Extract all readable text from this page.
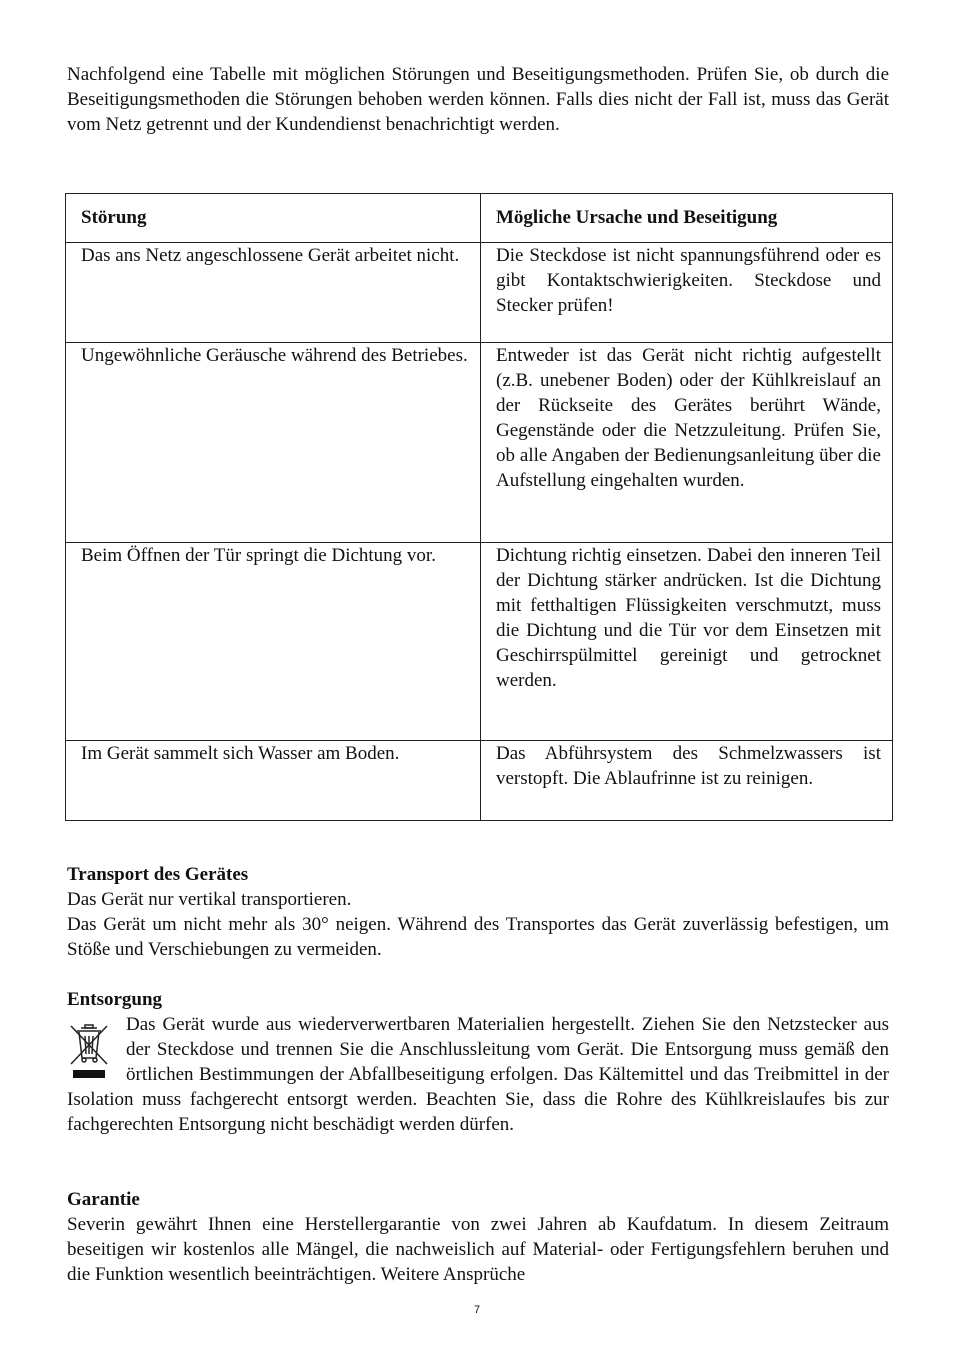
Nachfolgend eine Tabelle mit möglichen Störungen und Beseitigungsmethoden. Prüfen Sie, ob durch die Beseitigungsmethoden die Störungen behoben werden können. Falls dies nicht der Fall ist, muss das Gerät vom Netz getrennt und der Kundendienst benachrichtigt werden.

Störung	Mögliche Ursache und Beseitigung
Das ans Netz angeschlossene Gerät arbeitet nicht.	Die Steckdose ist nicht spannungsführend oder es gibt Kontaktschwierigkeiten. Steckdose und Stecker prüfen!
Ungewöhnliche Geräusche während des Betriebes.	Entweder ist das Gerät nicht richtig aufgestellt (z.B. unebener Boden) oder der Kühlkreislauf an der Rückseite des Gerätes berührt Wände, Gegenstände oder die Netzzuleitung. Prüfen Sie, ob alle Angaben der Bedienungsanleitung über die Aufstellung eingehalten wurden.
Beim Öffnen der Tür springt die Dichtung vor.	Dichtung richtig einsetzen. Dabei den inneren Teil der Dichtung stärker andrücken. Ist die Dichtung mit fetthaltigen Flüssigkeiten verschmutzt, muss die Dichtung und die Tür vor dem Einsetzen mit Geschirrspülmittel gereinigt und getrocknet werden.
Im Gerät sammelt sich Wasser am Boden.	Das Abführsystem des Schmelzwassers ist verstopft. Die Ablaufrinne ist zu reinigen.

Transport des Gerätes

Das Gerät nur vertikal transportieren.

Das Gerät um nicht mehr als 30° neigen. Während des Transportes das Gerät zuverlässig befestigen, um Stöße und Verschiebungen zu vermeiden.

Entsorgung

Das Gerät wurde aus wiederverwertbaren Materialien hergestellt. Ziehen Sie den Netzstecker aus der Steckdose und trennen Sie die Anschlussleitung vom Gerät. Die Entsorgung muss gemäß den örtlichen Bestimmungen der Abfallbeseitigung erfolgen. Das Kältemittel und das Treibmittel in der Isolation muss fachgerecht entsorgt werden. Beachten Sie, dass die Rohre des Kühlkreislaufes bis zur fachgerechten Entsorgung nicht beschädigt werden dürfen.

Garantie

Severin gewährt Ihnen eine Herstellergarantie von zwei Jahren ab Kaufdatum. In diesem Zeitraum beseitigen wir kostenlos alle Mängel, die nachweislich auf Material- oder Fertigungsfehlern beruhen und die Funktion wesentlich beeinträchtigen. Weitere Ansprüche

7
